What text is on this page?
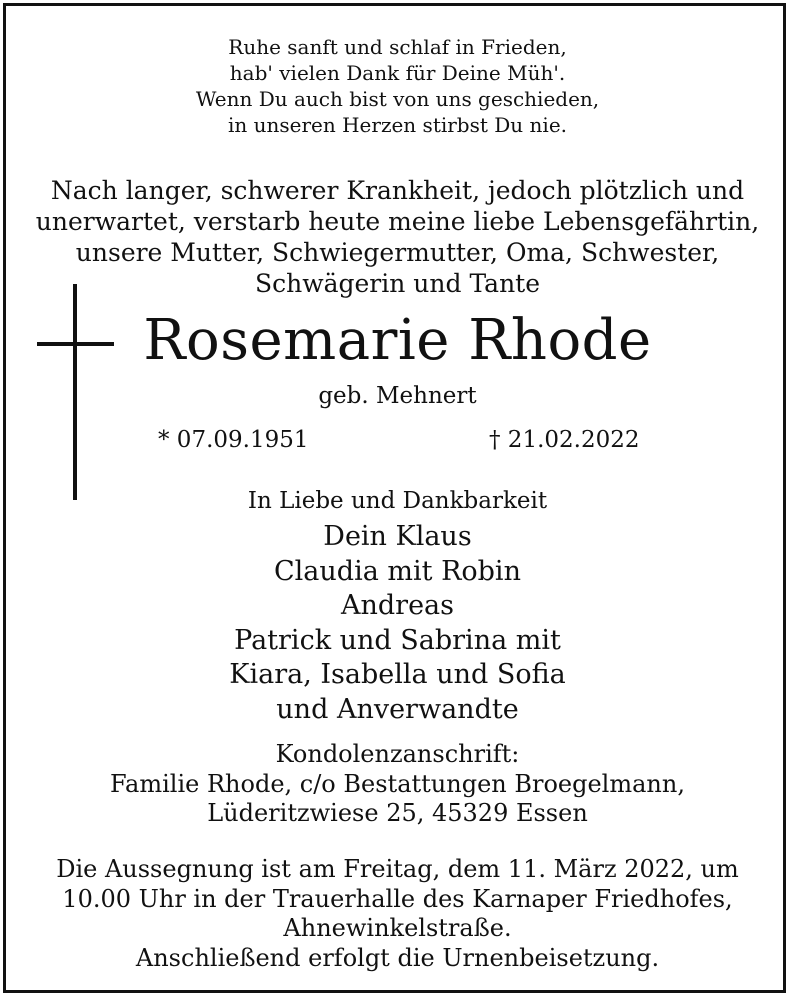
Ruhe sanft und schlaf in Frieden,
hab' vielen Dank für Deine Müh'.
Wenn Du auch bist von uns geschieden,
in unseren Herzen stirbst Du nie.
Nach langer, schwerer Krankheit, jedoch plötzlich und
unerwartet, verstarb heute meine liebe Lebensgefährtin,
unsere Mutter, Schwiegermutter, Oma, Schwester,
Schwägerin und Tante
Rosemarie Rhode
geb. Mehnert
* 07.09.1951	† 21.02.2022
In Liebe und Dankbarkeit
Dein Klaus
Claudia mit Robin
Andreas
Patrick und Sabrina mit
Kiara, Isabella und Sofia
und Anverwandte
Kondolenzanschrift:
Familie Rhode, c/o Bestattungen Broegelmann,
Lüderitzwiese 25, 45329 Essen
Die Aussegnung ist am Freitag, dem 11. März 2022, um
10.00 Uhr in der Trauerhalle des Karnaper Friedhofes,
Ahnewinkelstraße.
Anschließend erfolgt die Urnenbeisetzung.
